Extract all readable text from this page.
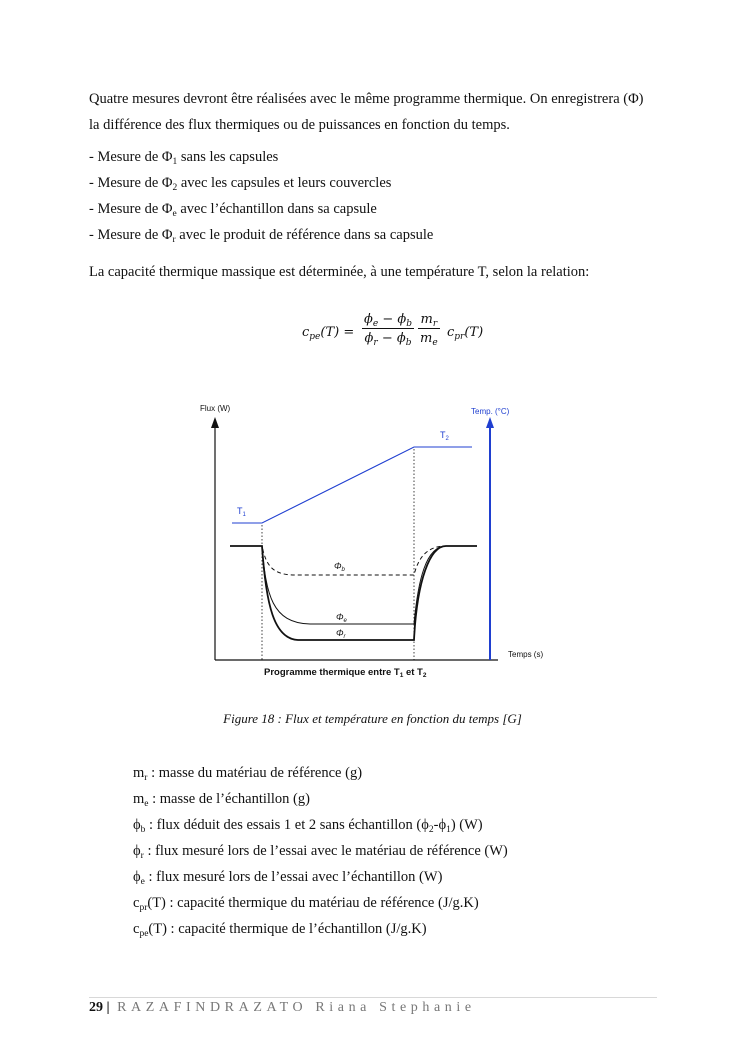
Quatre mesures devront être réalisées avec le même programme thermique. On enregistrera (Φ)
la différence des flux thermiques ou de puissances en fonction du temps.
- Mesure de $\Phi_1$ sans les capsules
- Mesure de $\Phi_2$ avec les capsules et leurs couvercles
- Mesure de $\Phi_e$ avec l’échantillon dans sa capsule
- Mesure de $\Phi_r$ avec le produit de référence dans sa capsule
La capacité thermique massique est déterminée, à une température T, selon la relation:
$c_{pe}(T) = \frac{\phi_e - \phi_b}{\phi_r - \phi_b} \frac{m_r}{m_e} c_{pr}(T)$
Flux (W)
Temps (s)
Temp. (°C)
$T_1$
$T_2$
$\Phi_b$
$\Phi_e$
$\Phi_r$
Programme thermique entre $T_1$ et $T_2$
Figure 18 : Flux et température en fonction du temps [G]
$m_r$ : masse du matériau de référence (g)
$m_e$ : masse de l’échantillon (g)
$\phi_b$ : flux déduit des essais 1 et 2 sans échantillon $(\phi_2-\phi_1)$ (W)
$\phi_r$ : flux mesuré lors de l’essai avec le matériau de référence (W)
$\phi_e$ : flux mesuré lors de l’essai avec l’échantillon (W)
$c_{pr}(T)$ : capacité thermique du matériau de référence (J/g.K)
$c_{pe}(T)$ : capacité thermique de l’échantillon (J/g.K)
29 | RAZAFINDRAZATO Riana Stephanie
